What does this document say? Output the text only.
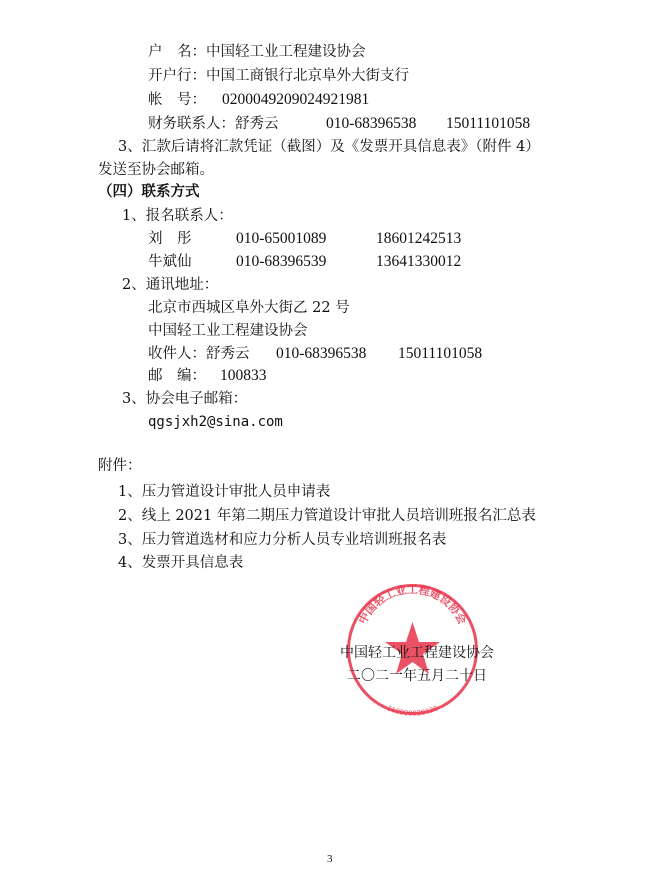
户　名：中国轻工业工程建设协会
开户行：中国工商银行北京阜外大街支行
帐　号： 0200049209024921981
财务联系人：舒秀云	010-68396538 15011101058
3、汇款后请将汇款凭证（截图）及《发票开具信息表》（附件 4）
发送至协会邮箱。
（四）联系方式
1、报名联系人：
刘　彤	010-65001089	18601242513
牛斌仙	010-68396539	13641330012
2、通讯地址：
北京市西城区阜外大街乙 22 号
中国轻工业工程建设协会
收件人：舒秀云 010-68396538 15011101058
邮　编： 100833
3、协会电子邮箱：
qgsjxh2@sina.com
附件：
1、压力管道设计审批人员申请表
2、线上 2021 年第二期压力管道设计审批人员培训班报名汇总表
3、压力管道选材和应力分析人员专业培训班报名表
4、发票开具信息表
中国轻工业工程建设协会
110000028128
中国轻工业工程建设协会
二〇二一年五月二十日
3
